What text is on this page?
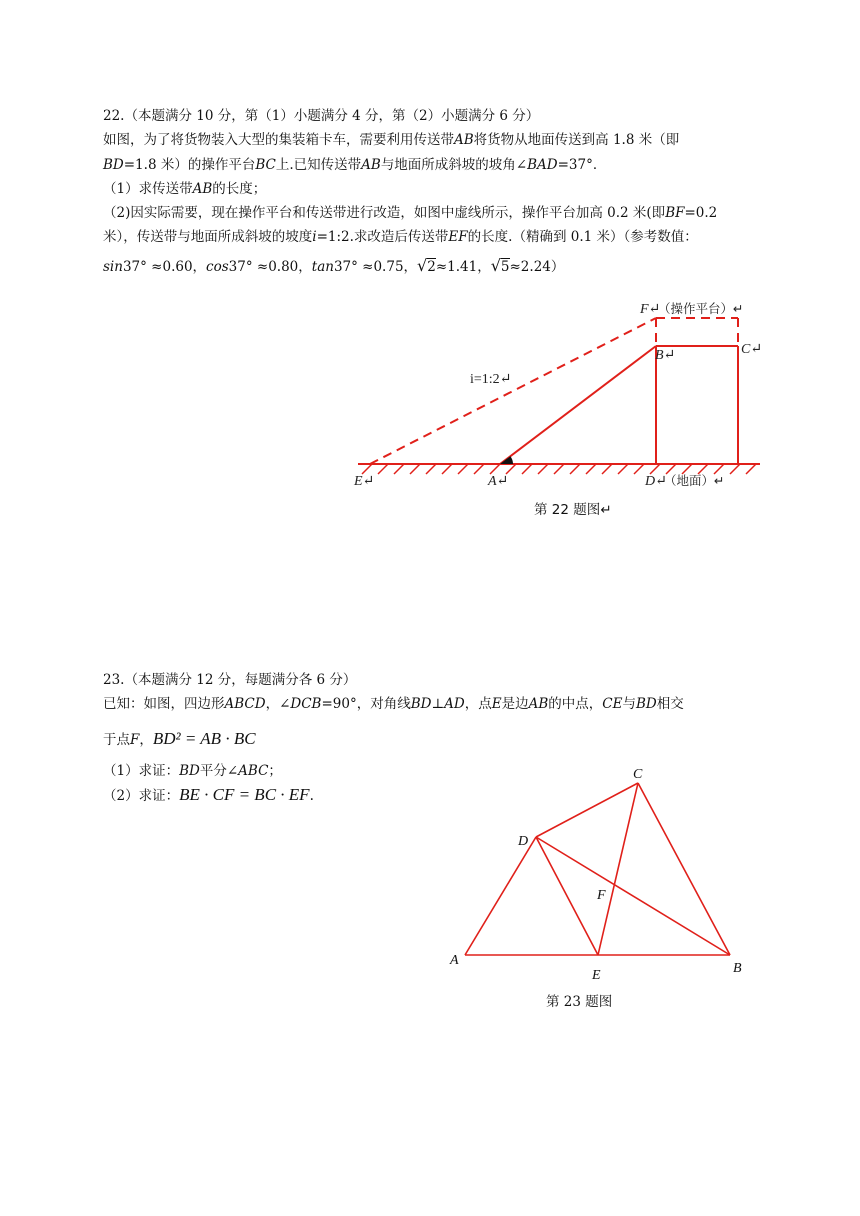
22.（本题满分 10 分，第（1）小题满分 4 分，第（2）小题满分 6 分）
如图，为了将货物装入大型的集装箱卡车，需要利用传送带AB将货物从地面传送到高 1.8 米（即
BD=1.8 米）的操作平台BC上.已知传送带AB与地面所成斜坡的坡角∠BAD=37°．
（1）求传送带AB的长度；
（2)因实际需要，现在操作平台和传送带进行改造，如图中虚线所示，操作平台加高 0.2 米(即BF=0.2
米），传送带与地面所成斜坡的坡度i=1:2.求改造后传送带EF的长度.（精确到 0.1 米）（参考数值：
sin37° ≈0.60，cos37° ≈0.80，tan37° ≈0.75，√2≈1.41，√5≈2.24）
F↵
（操作平台）↵
B↵	C↵
i=1:2↵
E↵	A↵	D↵
（地面）↵
第 22 题图↵
23.（本题满分 12 分，每题满分各 6 分）
已知：如图，四边形ABCD，∠DCB=90°，对角线BD⊥AD，点E是边AB的中点，CE与BD相交
于点F，BD² = AB · BC
（1）求证：BD平分∠ABC；
（2）求证：BE · CF = BC · EF.
A
B
C
D
E
F
第 23 题图
